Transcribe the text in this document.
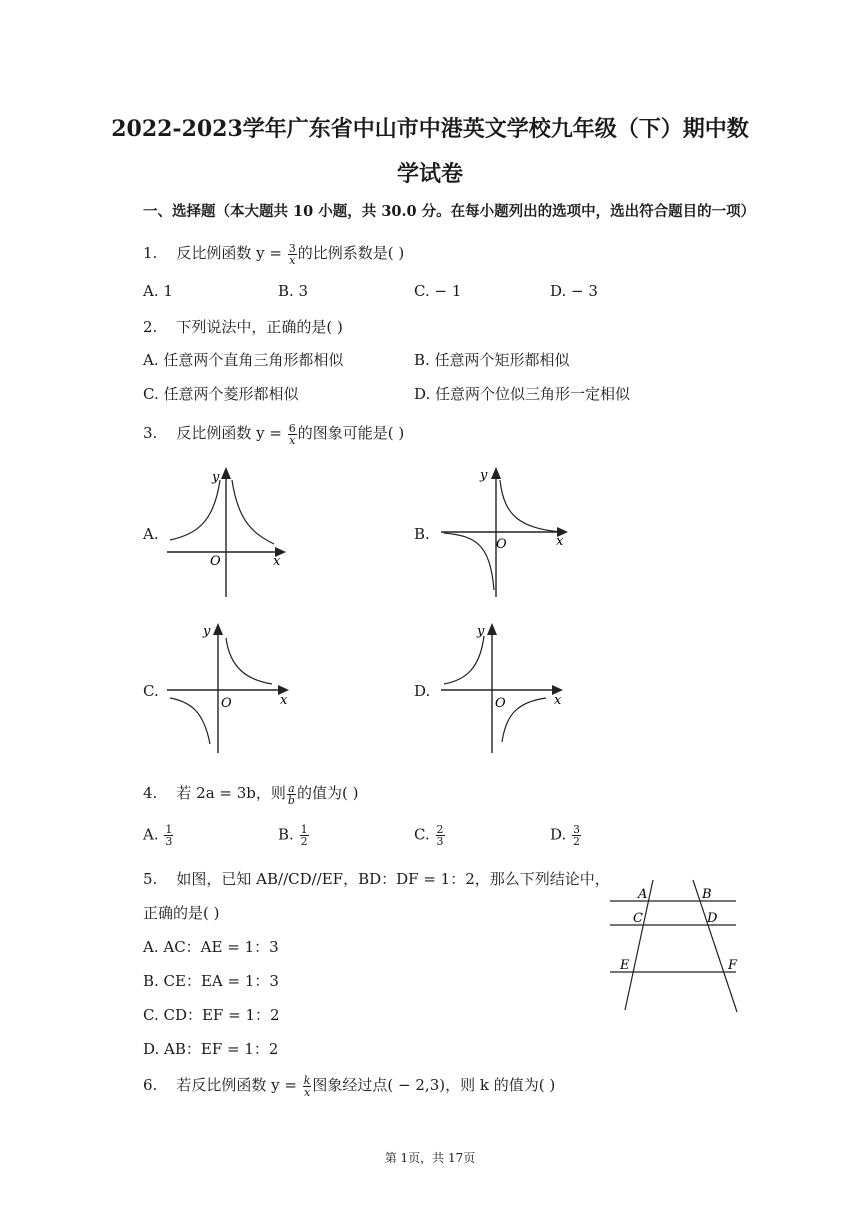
2022-2023学年广东省中山市中港英文学校九年级（下）期中数
学试卷
一、选择题（本大题共 10 小题，共 30.0 分。在每小题列出的选项中，选出符合题目的一项）
1. 反比例函数 $y = \frac{3}{x}$ 的比例系数是( )
A. 1	B. 3	C. − 1	D. − 3
2. 下列说法中，正确的是( )
A. 任意两个直角三角形都相似	B. 任意两个矩形都相似
C. 任意两个菱形都相似	D. 任意两个位似三角形一定相似
3. 反比例函数 $y = \frac{6}{x}$ 的图象可能是( )
A.	B.
C.	D.
y
O	x
y
O	x
y
O	x
y
O	x
4. 若 2a = 3b，则 $\frac{a}{b}$ 的值为( )
A. $\frac{1}{3}$	B. $\frac{1}{2}$	C. $\frac{2}{3}$	D. $\frac{3}{2}$
5. 如图，已知 AB//CD//EF，BD：DF = 1：2，那么下列结论中，
正确的是( )
A. AC：AE = 1：3
B. CE：EA = 1：3
C. CD：EF = 1：2
D. AB：EF = 1：2
A	B
C	D
E	F
6. 若反比例函数 $y = \frac{k}{x}$ 图象经过点( − 2,3)，则 k 的值为( )
第 1页，共 17页
